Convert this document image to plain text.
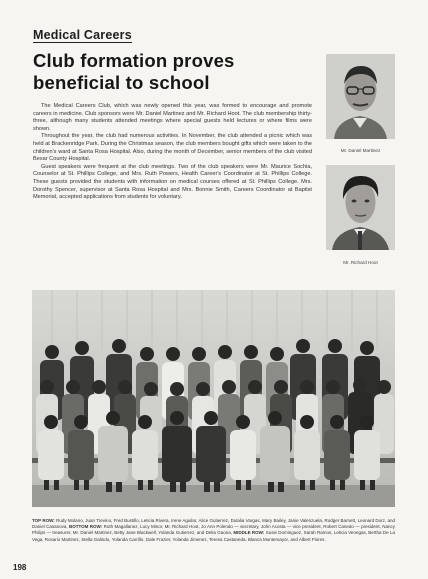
Medical Careers
Club formation proves beneficial to school

The Medical Careers Club, which was newly opened this year, was formed to encourage and promote careers in medicine. Club sponsors were Mr. Daniel Martinez and Mr. Richard Hoot. The club membership thirty-three, although many students attended meetings where special guests held lectures or where films were shown.

Throughout the year, the club had numerous activities. In November, the club attended a picnic which was held at Brackenridge Park. During the Christmas season, the club members bought gifts which were taken to the children's ward at Santa Rosa Hospital. Also, during the month of December, senior members of the club visited Bexar County Hospital.

Guest speakers were frequent at the club meetings. Two of the club speakers were Mr. Maurice Sochia, Counselor at St. Phillips College, and Mrs. Ruth Powers, Health Career's Coordinator at St. Phillips College. These guests provided the students with information on medical courses offered at St. Phillips College. Mrs. Dorothy Spencer, supervisor at Santa Rosa Hospital and Mrs. Bonnie Smith, Careers Coordinator at Baptist Memorial, accepted applications from students for voluntary.

Mr. Daniel Martinez
Mr. Richard Hoot
TOP ROW: Rudy Molano, Juan Trevino, Fred Bustillo, Leticia Rivera, Irene Aguilar, Alice Gutierrez, Dulalia Vargas, Mary Bailey, Janie Valenzuela, Rodger Barnett, Leonard Dorz, and Daniel Casanova, BOTTOM ROW: Ruth Magallanez, Lucy Minor, Mr. Richard Hoot, Jo Ann Polendo — secretary, John Acosta — vice president, Robert Canedo — president, Nancy Philips — treasurer, Mr. Daniel Martinez, Betty Jane Blackwell, Yolanda Gutierrez, and Delia Gaona, MIDDLE ROW: Susie Dominguez, Sarah Ramos, Leticia Venegas, Bertha De La Vega, Rosario Martinez, Stella Galindo, Yolanda Carrillo, Dale Frazier, Yolanda Jimenez, Teresa Castaneda, Blanca Montemayor, and Albert Flores.
198
